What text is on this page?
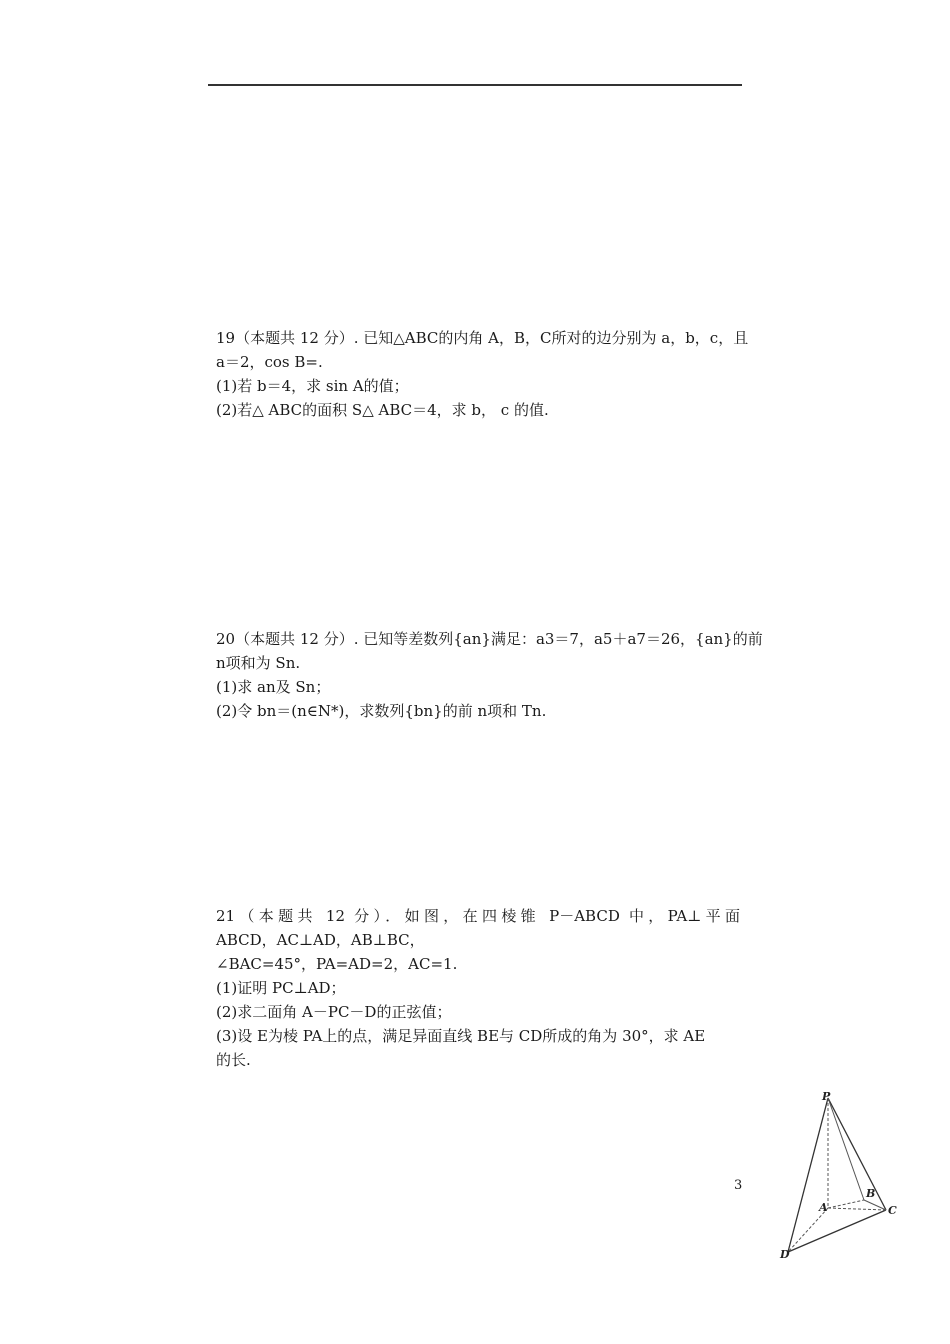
19（本题共 12 分）. 已知△ABC的内角 A，B，C所对的边分别为 a，b，c，且
a＝2，cos B=.
(1)若 b＝4，求 sin A的值；
(2)若△ ABC的面积 S△ ABC＝4，求 b， c 的值.
20（本题共 12 分）. 已知等差数列{an}满足：a3＝7，a5＋a7＝26，{an}的前
n项和为 Sn.
(1)求 an及 Sn；
(2)令 bn＝(n∈N*)，求数列{bn}的前 n项和 Tn.
21（本题共 12 分）．如图，在四棱锥 P－ABCD 中，PA⊥平面
ABCD，AC⊥AD，AB⊥BC，
∠BAC=45°，PA=AD=2，AC=1.
(1)证明 PC⊥AD；
(2)求二面角 A－PC－D的正弦值；
(3)设 E为棱 PA上的点，满足异面直线 BE与 CD所成的角为 30°，求 AE
的长.
3
P
A
B
C
D
